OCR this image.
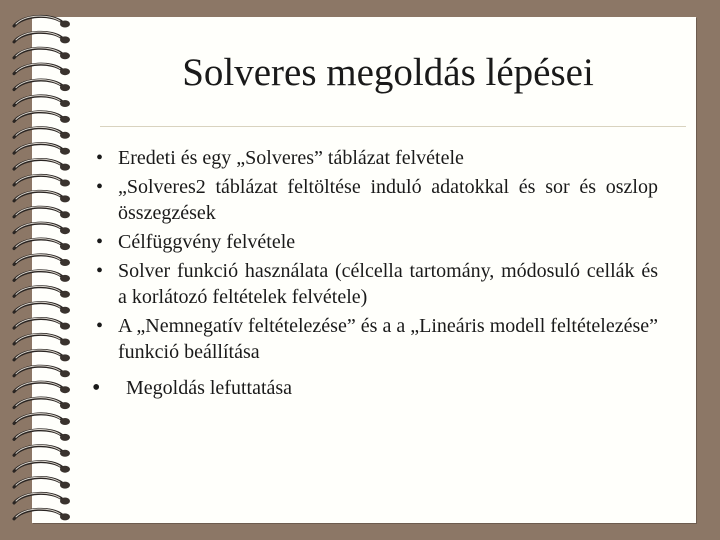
Solveres megoldás lépései
• Eredeti és egy „Solveres” táblázat felvétele
• „Solveres2 táblázat feltöltése induló adatokkal és sor és oszlop összegzések
• Célfüggvény felvétele
• Solver funkció használata (célcella tartomány, módosuló cellák és a korlátozó feltételek felvétele)
• A „Nemnegatív feltételezése” és a a „Lineáris modell feltételezése” funkció beállítása
• Megoldás lefuttatása
